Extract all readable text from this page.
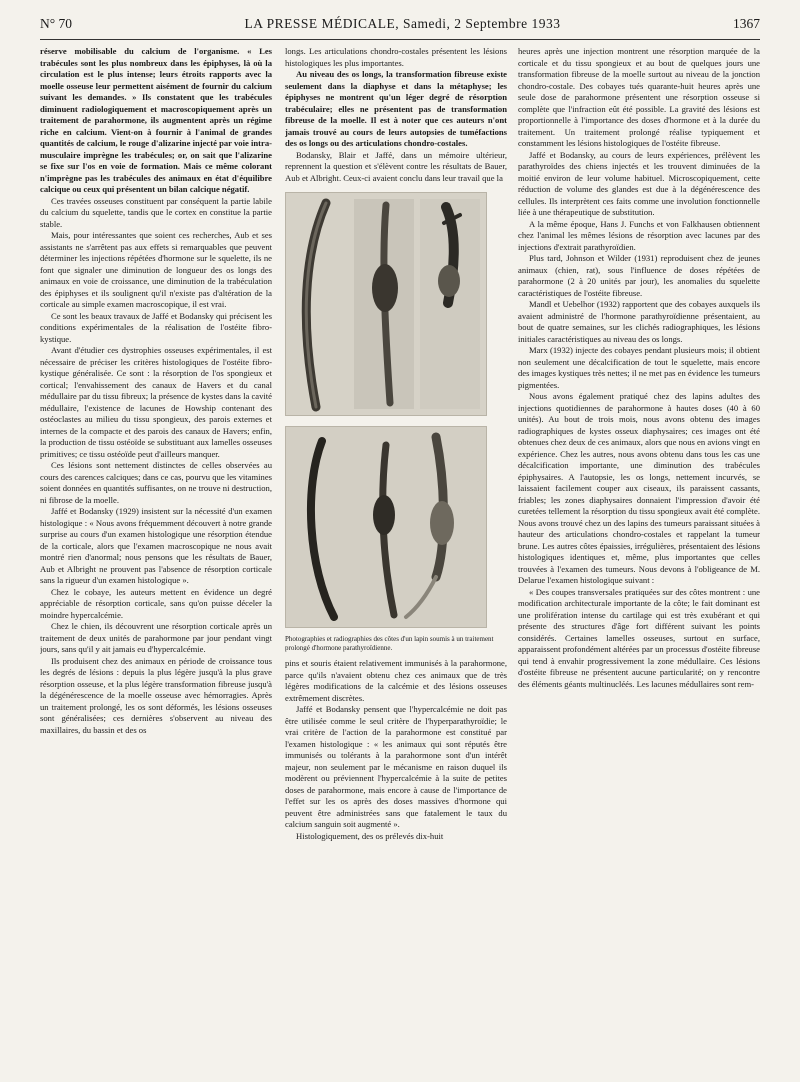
N° 70	LA PRESSE MÉDICALE, Samedi, 2 Septembre 1933	1367

réserve mobilisable du calcium de l'organisme. « Les trabécules sont les plus nombreux dans les épiphyses, là où la circulation est le plus intense; leurs étroits rapports avec la moelle osseuse leur permettent aisément de fournir du calcium suivant les demandes. » Ils constatent que les trabécules diminuent radiologiquement et macroscopiquement après un traitement de parahormone, ils augmentent après un régime riche en calcium. Vient-on à fournir à l'animal de grandes quantités de calcium, le rouge d'alizarine injecté par voie intra-musculaire imprègne les trabécules; or, on sait que l'alizarine se fixe sur l'os en voie de formation. Mais ce même colorant n'imprègne pas les trabécules des animaux en état d'équilibre calcique ou ceux qui présentent un bilan calcique négatif.

Ces travées osseuses constituent par conséquent la partie labile du calcium du squelette, tandis que le cortex en constitue la partie stable.

Mais, pour intéressantes que soient ces recherches, Aub et ses assistants ne s'arrêtent pas aux effets si remarquables que peuvent déterminer les injections répétées d'hormone sur le squelette, ils ne font que signaler une diminution de longueur des os longs des animaux en voie de croissance, une diminution de la trabéculation des épiphyses et ils soulignent qu'il n'existe pas d'altération de la corticale au simple examen macroscopique, il est vrai.

Ce sont les beaux travaux de Jaffé et Bodansky qui précisent les conditions expérimentales de la réalisation de l'ostéite fibro-kystique.

Avant d'étudier ces dystrophies osseuses expérimentales, il est nécessaire de préciser les critères histologiques de l'ostéite fibro-kystique généralisée. Ce sont : la résorption de l'os spongieux et cortical; l'envahissement des canaux de Havers et du canal médullaire par du tissu fibreux; la présence de kystes dans la cavité médullaire, l'existence de lacunes de Howship contenant des ostéoclastes au milieu du tissu spongieux, des parois externes et internes de la compacte et des parois des canaux de Havers; enfin, la production de tissu ostéoïde se substituant aux lamelles osseuses primitives; ce tissu ostéoïde peut d'ailleurs manquer.

Ces lésions sont nettement distinctes de celles observées au cours des carences calciques; dans ce cas, pourvu que les vitamines soient données en quantités suffisantes, on ne trouve ni destruction, ni fibrose de la moelle.

Jaffé et Bodansky (1929) insistent sur la nécessité d'un examen histologique : « Nous avons fréquemment découvert à notre grande surprise au cours d'un examen histologique une résorption étendue de la corticale, alors que l'examen macroscopique ne nous avait montré rien d'anormal; nous pensons que les résultats de Bauer, Aub et Albright ne prouvent pas l'absence de résorption corticale sans la rigueur d'un examen histologique ».

Chez le cobaye, les auteurs mettent en évidence un degré appréciable de résorption corticale, sans qu'on puisse déceler la moindre hypercalcémie.

Chez le chien, ils découvrent une résorption corticale après un traitement de deux unités de parahormone par jour pendant vingt jours, sans qu'il y ait jamais eu d'hypercalcémie.

Ils produisent chez des animaux en période de croissance tous les degrés de lésions : depuis la plus légère jusqu'à la plus grave résorption osseuse, et la plus légère transformation fibreuse jusqu'à la dégénérescence de la moelle osseuse avec hémorragies. Après un traitement prolongé, les os sont déformés, les lésions osseuses sont généralisées; ces dernières s'observent au niveau des maxillaires, du bassin et des os

longs. Les articulations chondro-costales présentent les lésions histologiques les plus importantes.

Au niveau des os longs, la transformation fibreuse existe seulement dans la diaphyse et dans la métaphyse; les épiphyses ne montrent qu'un léger degré de résorption trabéculaire; elles ne présentent pas de transformation fibreuse de la moelle. Il est à noter que ces auteurs n'ont jamais trouvé au cours de leurs autopsies de tuméfactions des os longs ou des articulations chondro-costales.

Bodansky, Blair et Jaffé, dans un mémoire ultérieur, reprennent la question et s'élèvent contre les résultats de Bauer, Aub et Albright. Ceux-ci avaient conclu dans leur travail que la

Photographies et radiographies des côtes d'un lapin soumis à un traitement prolongé d'hormone parathyroïdienne.

pins et souris étaient relativement immunisés à la parahormone, parce qu'ils n'avaient obtenu chez ces animaux que de très légères modifications de la calcémie et des lésions osseuses extrêmement discrètes.

Jaffé et Bodansky pensent que l'hypercalcémie ne doit pas être utilisée comme le seul critère de l'hyperparathyroïdie; le vrai critère de l'action de la parahormone est constitué par l'examen histologique : « les animaux qui sont réputés être immunisés ou tolérants à la parahormone sont d'un intérêt majeur, non seulement par le mécanisme en raison duquel ils modèrent ou préviennent l'hypercalcémie à la suite de petites doses de parahormone, mais encore à cause de l'importance de l'effet sur les os après des doses massives d'hormone qui peuvent être administrées sans que fatalement le taux du calcium sanguin soit augmenté ».

Histologiquement, des os prélevés dix-huit

heures après une injection montrent une résorption marquée de la corticale et du tissu spongieux et au bout de quelques jours une transformation fibreuse de la moelle surtout au niveau de la jonction chondro-costale. Des cobayes tués quarante-huit heures après une seule dose de parahormone présentent une résorption osseuse si complète que l'infraction eût été possible. La gravité des lésions est proportionnelle à l'importance des doses d'hormone et à la durée du traitement. Un traitement prolongé réalise typiquement et constamment les lésions histologiques de l'ostéite fibreuse.

Jaffé et Bodansky, au cours de leurs expériences, prélèvent les parathyroïdes des chiens injectés et les trouvent diminuées de la moitié environ de leur volume habituel. Microscopiquement, cette réduction de volume des glandes est due à la dégénérescence des cellules. Ils interprètent ces faits comme une involution fonctionnelle liée à une thérapeutique de substitution.

A la même époque, Hans J. Funchs et von Falkhausen obtiennent chez l'animal les mêmes lésions de résorption avec lacunes par des injections d'extrait parathyroïdien.

Plus tard, Johnson et Wilder (1931) reproduisent chez de jeunes animaux (chien, rat), sous l'influence de doses répétées de parahormone (2 à 20 unités par jour), les anomalies du squelette caractéristiques de l'ostéite fibreuse.

Mandl et Uebelhor (1932) rapportent que des cobayes auxquels ils avaient administré de l'hormone parathyroïdienne présentaient, au bout de quatre semaines, sur les clichés radiographiques, les lésions initiales caractéristiques au niveau des os longs.

Marx (1932) injecte des cobayes pendant plusieurs mois; il obtient non seulement une décalcification de tout le squelette, mais encore des images kystiques très nettes; il ne met pas en évidence les tumeurs pigmentées.

Nous avons également pratiqué chez des lapins adultes des injections quotidiennes de parahormone à hautes doses (40 à 60 unités). Au bout de trois mois, nous avons obtenu des images radiographiques de kystes osseux diaphysaires; ces images ont été obtenues chez deux de ces animaux, alors que nous en avions vingt en expérience. Chez les autres, nous avons obtenu dans tous les cas une décalcification importante, une diminution des trabécules épiphysaires. A l'autopsie, les os longs, nettement incurvés, se laissaient facilement couper aux ciseaux, ils paraissent cassants, friables; les zones diaphysaires donnaient l'impression d'avoir été curetées tellement la résorption du tissu spongieux avait été complète. Nous avons trouvé chez un des lapins des tumeurs paraissant situées à hauteur des articulations chondro-costales et rappelant la tumeur brune. Les autres côtes épaissies, irrégulières, présentaient des lésions histologiques identiques et, même, plus importantes que celles trouvées à l'examen des tumeurs. Nous devons à l'obligeance de M. Delarue l'examen histologique suivant :

« Des coupes transversales pratiquées sur des côtes montrent : une modification architecturale importante de la côte; le fait dominant est une prolifération intense du cartilage qui est très exubérant et qui présente des structures d'âge fort différent suivant les points considérés. Certaines lamelles osseuses, surtout en surface, apparaissent profondément altérées par un processus d'ostéite fibreuse qui tend à envahir progressivement la zone médullaire. Ces lésions d'ostéite fibreuse ne présentent aucune particularité; on y rencontre des éléments géants multinucléés. Les lacunes médullaires sont rem-
